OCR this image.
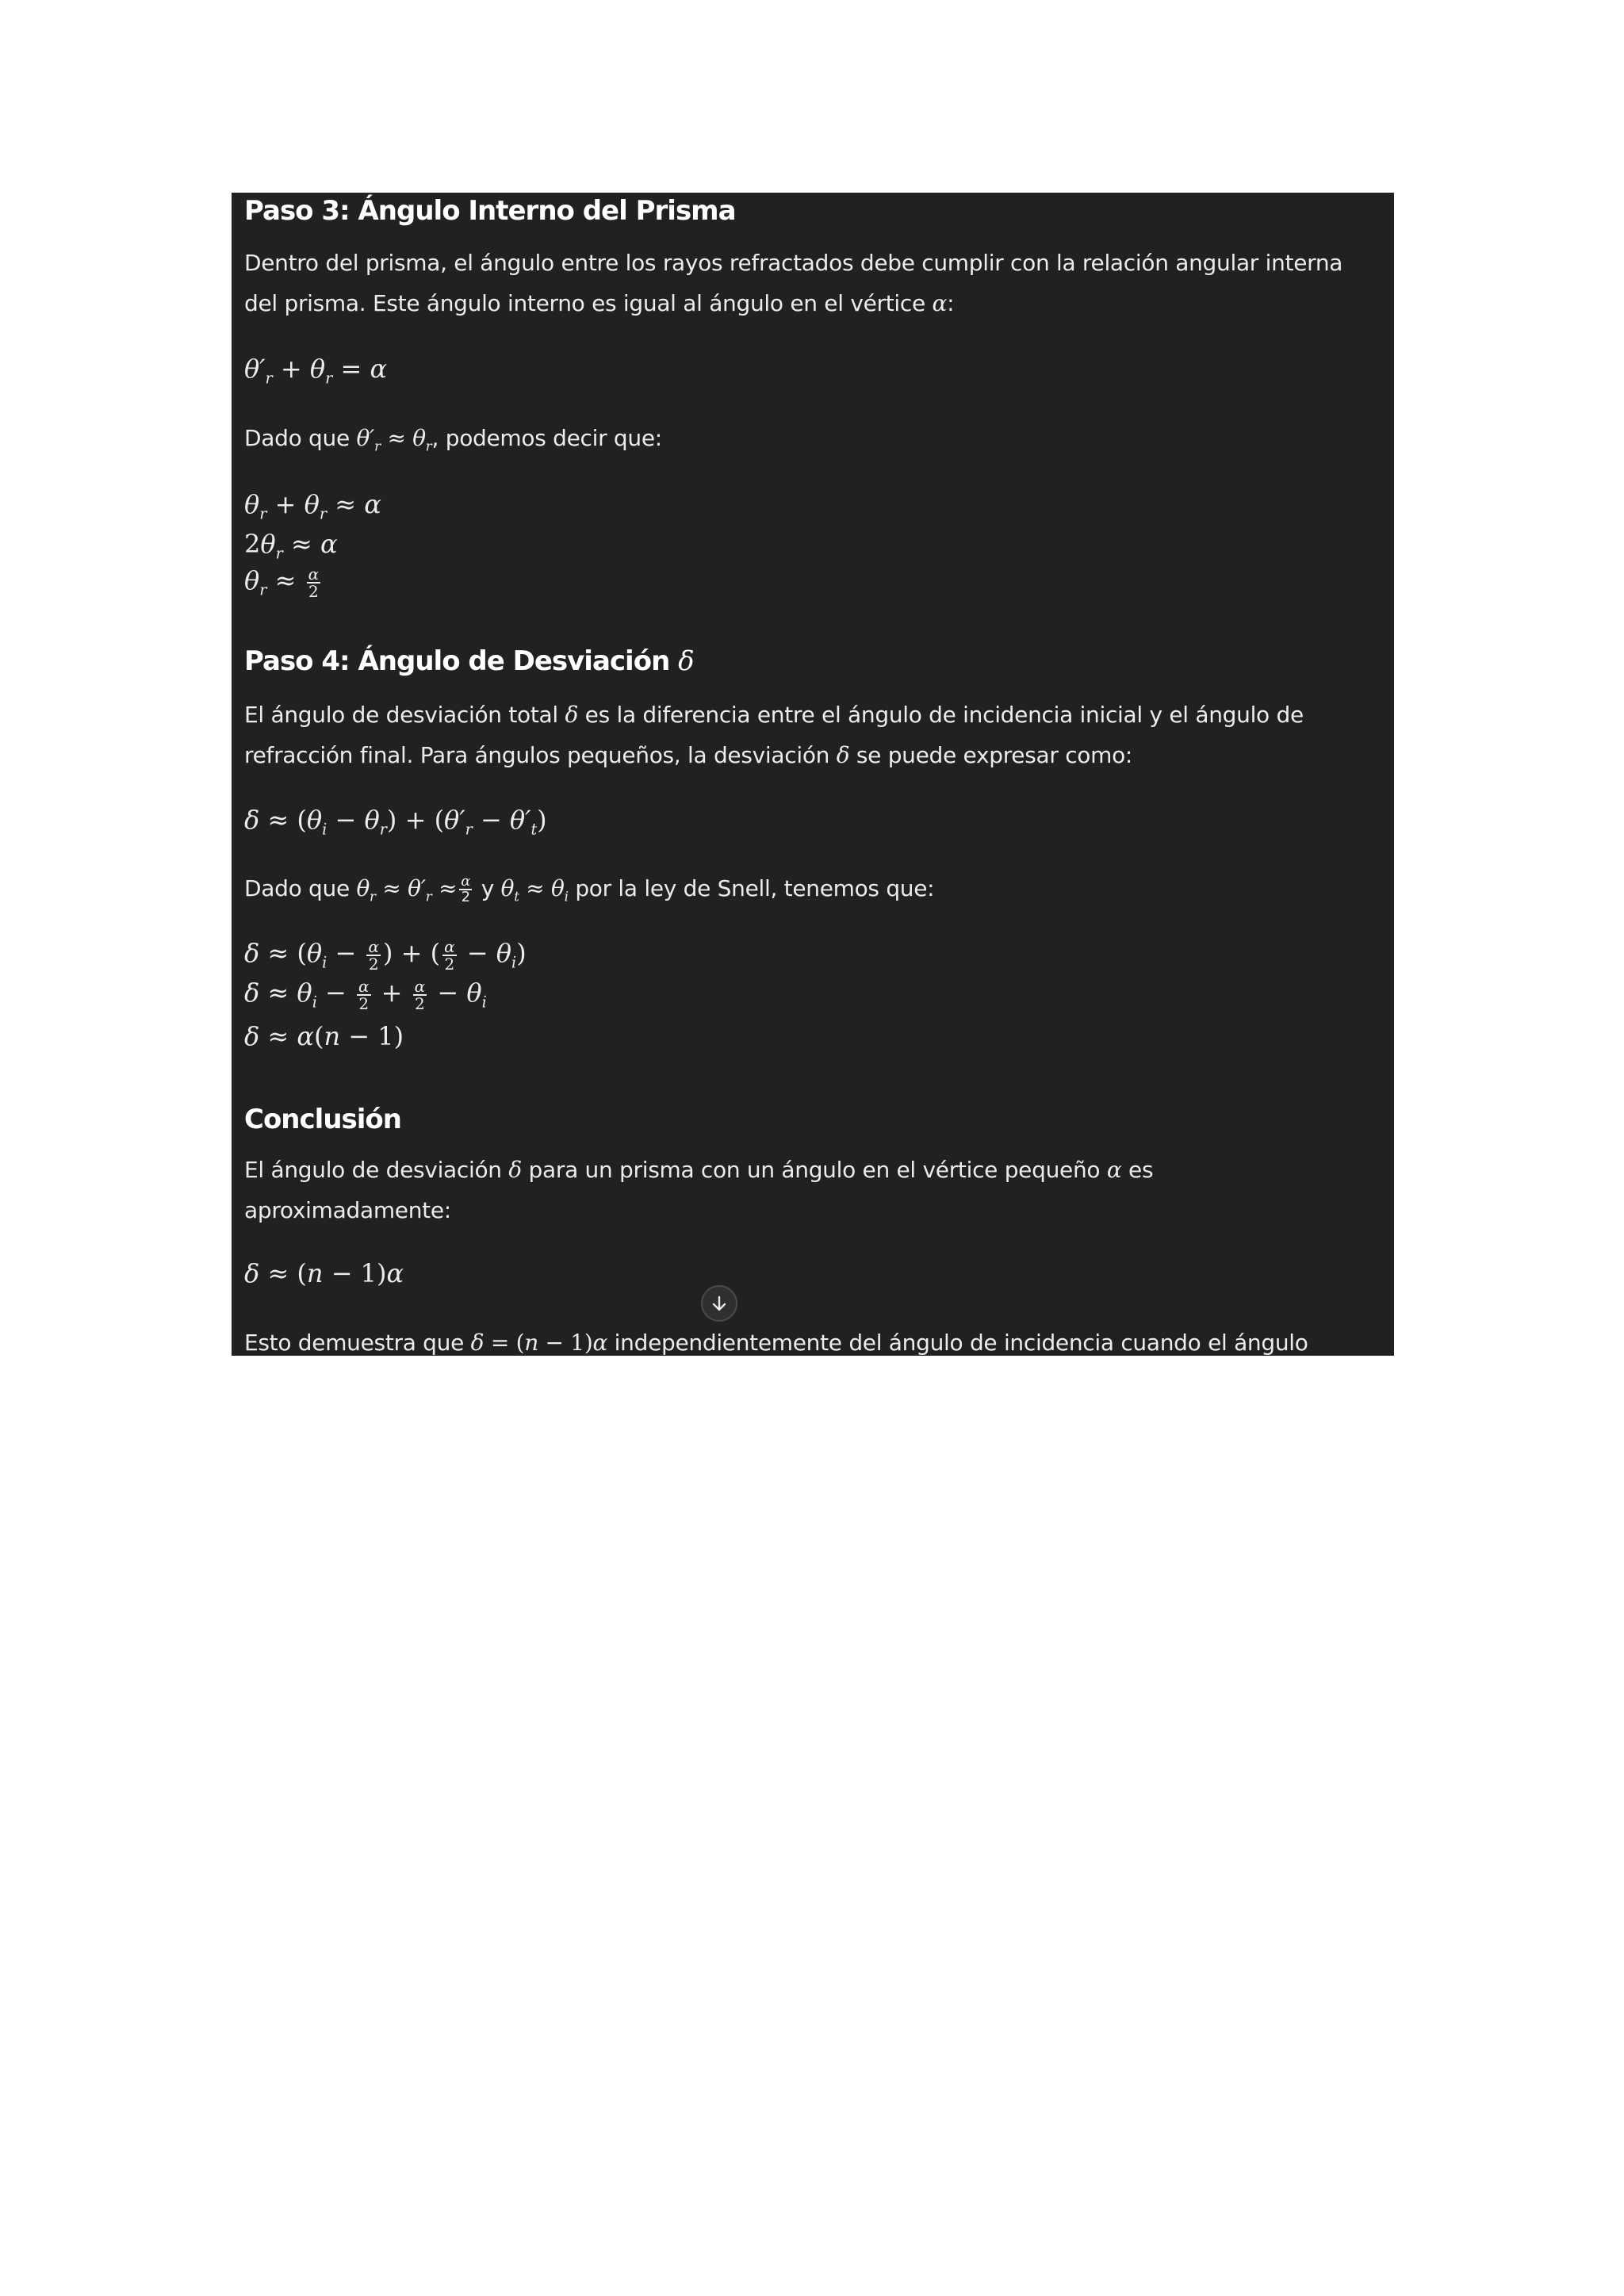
Paso 3: Ángulo Interno del Prisma

Dentro del prisma, el ángulo entre los rayos refractados debe cumplir con la relación angular interna
del prisma. Este ángulo interno es igual al ángulo en el vértice α:

$\theta'_r + \theta_r = \alpha$

Dado que $\theta'_r \approx \theta_r$, podemos decir que:

$\theta_r + \theta_r \approx \alpha$
$2\theta_r \approx \alpha$
$\theta_r \approx \frac{\alpha}{2}$
Paso 4: Ángulo de Desviación δ

El ángulo de desviación total δ es la diferencia entre el ángulo de incidencia inicial y el ángulo de
refracción final. Para ángulos pequeños, la desviación δ se puede expresar como:

$\delta \approx (\theta_i - \theta_r) + (\theta'_r - \theta'_t)$

Dado que $\theta_r \approx \theta'_r \approx \frac{\alpha}{2}$ y $\theta_t \approx \theta_i$ por la ley de Snell, tenemos que:

$\delta \approx (\theta_i - \frac{\alpha}{2}$ ) + ( $\frac{\alpha}{2} - \theta_i$)
$\delta \approx \theta_i - \frac{\alpha}{2} + \frac{\alpha}{2} - \theta_i$
δ ≈ α(n − 1)
Conclusión

El ángulo de desviación δ para un prisma con un ángulo en el vértice pequeño α es
aproximadamente:

δ ≈ (n − 1)α

Esto demuestra que δ = (n − 1)α independientemente del ángulo de incidencia cuando el ángulo
